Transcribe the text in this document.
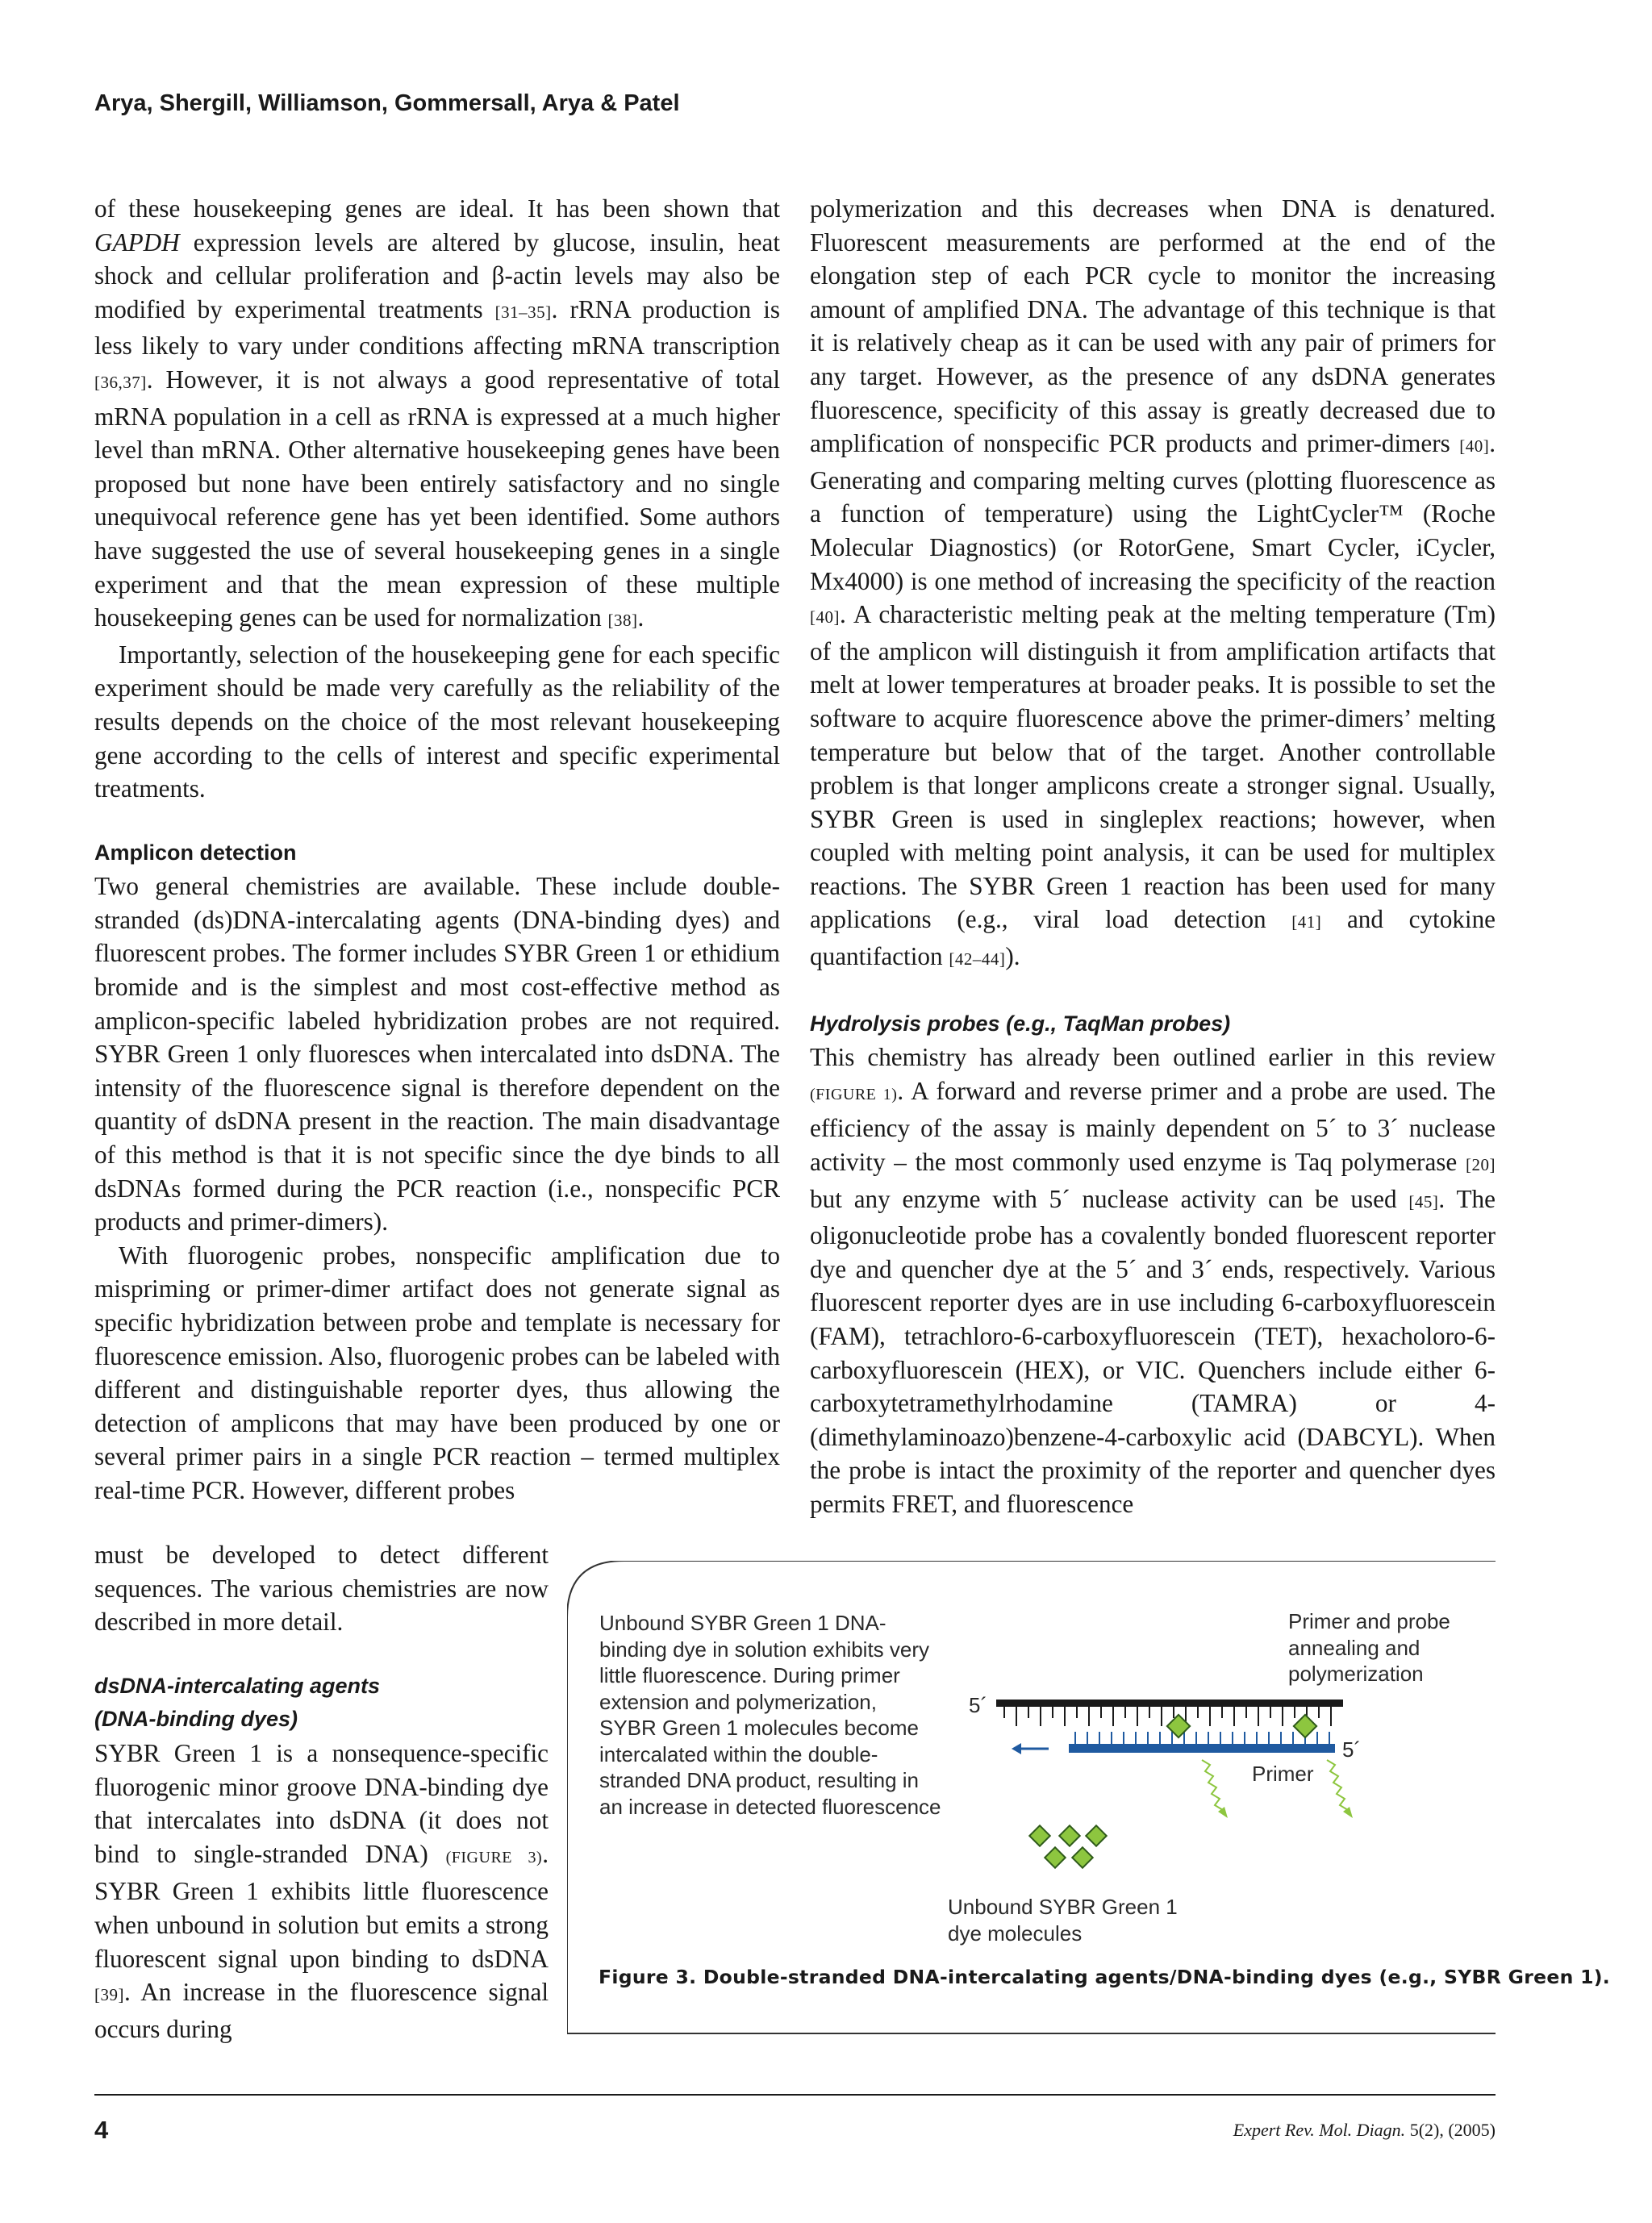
Arya, Shergill, Williamson, Gommersall, Arya & Patel

of these housekeeping genes are ideal. It has been shown that GAPDH expression levels are altered by glucose, insulin, heat shock and cellular proliferation and β-actin levels may also be modified by experimental treatments [31–35]. rRNA production is less likely to vary under conditions affecting mRNA transcription [36,37]. However, it is not always a good representative of total mRNA population in a cell as rRNA is expressed at a much higher level than mRNA. Other alternative housekeeping genes have been proposed but none have been entirely satisfactory and no single unequivocal reference gene has yet been identified. Some authors have suggested the use of several housekeeping genes in a single experiment and that the mean expression of these multiple housekeeping genes can be used for normalization [38].

Importantly, selection of the housekeeping gene for each specific experiment should be made very carefully as the reliability of the results depends on the choice of the most relevant housekeeping gene according to the cells of interest and specific experimental treatments.

Amplicon detection

Two general chemistries are available. These include double-stranded (ds)DNA-intercalating agents (DNA-binding dyes) and fluorescent probes. The former includes SYBR Green 1 or ethidium bromide and is the simplest and most cost-effective method as amplicon-specific labeled hybridization probes are not required. SYBR Green 1 only fluoresces when intercalated into dsDNA. The intensity of the fluorescence signal is therefore dependent on the quantity of dsDNA present in the reaction. The main disadvantage of this method is that it is not specific since the dye binds to all dsDNAs formed during the PCR reaction (i.e., nonspecific PCR products and primer-dimers).

With fluorogenic probes, nonspecific amplification due to mispriming or primer-dimer artifact does not generate signal as specific hybridization between probe and template is necessary for fluorescence emission. Also, fluorogenic probes can be labeled with different and distinguishable reporter dyes, thus allowing the detection of amplicons that may have been produced by one or several primer pairs in a single PCR reaction – termed multiplex real-time PCR. However, different probes

must be developed to detect different sequences. The various chemistries are now described in more detail.

dsDNA-intercalating agents
(DNA-binding dyes)

SYBR Green 1 is a nonsequence-specific fluorogenic minor groove DNA-binding dye that intercalates into dsDNA (it does not bind to single-stranded DNA) (FIGURE 3). SYBR Green 1 exhibits little fluorescence when unbound in solution but emits a strong fluorescent signal upon binding to dsDNA [39]. An increase in the fluorescence signal occurs during

polymerization and this decreases when DNA is denatured. Fluorescent measurements are performed at the end of the elongation step of each PCR cycle to monitor the increasing amount of amplified DNA. The advantage of this technique is that it is relatively cheap as it can be used with any pair of primers for any target. However, as the presence of any dsDNA generates fluorescence, specificity of this assay is greatly decreased due to amplification of nonspecific PCR products and primer-dimers [40]. Generating and comparing melting curves (plotting fluorescence as a function of temperature) using the LightCycler™ (Roche Molecular Diagnostics) (or RotorGene, Smart Cycler, iCycler, Mx4000) is one method of increasing the specificity of the reaction [40]. A characteristic melting peak at the melting temperature (Tm) of the amplicon will distinguish it from amplification artifacts that melt at lower temperatures at broader peaks. It is possible to set the software to acquire fluorescence above the primer-dimers’ melting temperature but below that of the target. Another controllable problem is that longer amplicons create a stronger signal. Usually, SYBR Green is used in singleplex reactions; however, when coupled with melting point analysis, it can be used for multiplex reactions. The SYBR Green 1 reaction has been used for many applications (e.g., viral load detection [41] and cytokine quantifaction [42–44]).

Hydrolysis probes (e.g., TaqMan probes)

This chemistry has already been outlined earlier in this review (FIGURE 1). A forward and reverse primer and a probe are used. The efficiency of the assay is mainly dependent on 5´ to 3´ nuclease activity – the most commonly used enzyme is Taq polymerase [20] but any enzyme with 5´ nuclease activity can be used [45]. The oligonucleotide probe has a covalently bonded fluorescent reporter dye and quencher dye at the 5´ and 3´ ends, respectively. Various fluorescent reporter dyes are in use including 6-carboxyfluorescein (FAM), tetrachloro-6-carboxyfluorescein (TET), hexacholoro-6-carboxyfluorescein (HEX), or VIC. Quenchers include either 6-carboxytetramethylrhodamine (TAMRA) or 4-(dimethylaminoazo)benzene-4-carboxylic acid (DABCYL). When the probe is intact the proximity of the reporter and quencher dyes permits FRET, and fluorescence

Unbound SYBR Green 1 DNA-
binding dye in solution exhibits very
little fluorescence. During primer
extension and polymerization,
SYBR Green 1 molecules become
intercalated within the double-
stranded DNA product, resulting in
an increase in detected fluorescence
Primer and probe
annealing and
polymerization
5´
5´
Primer
Unbound SYBR Green 1
dye molecules
Figure 3. Double-stranded DNA-intercalating agents/DNA-binding dyes (e.g., SYBR Green 1).
4	Expert Rev. Mol. Diagn. 5(2), (2005)
